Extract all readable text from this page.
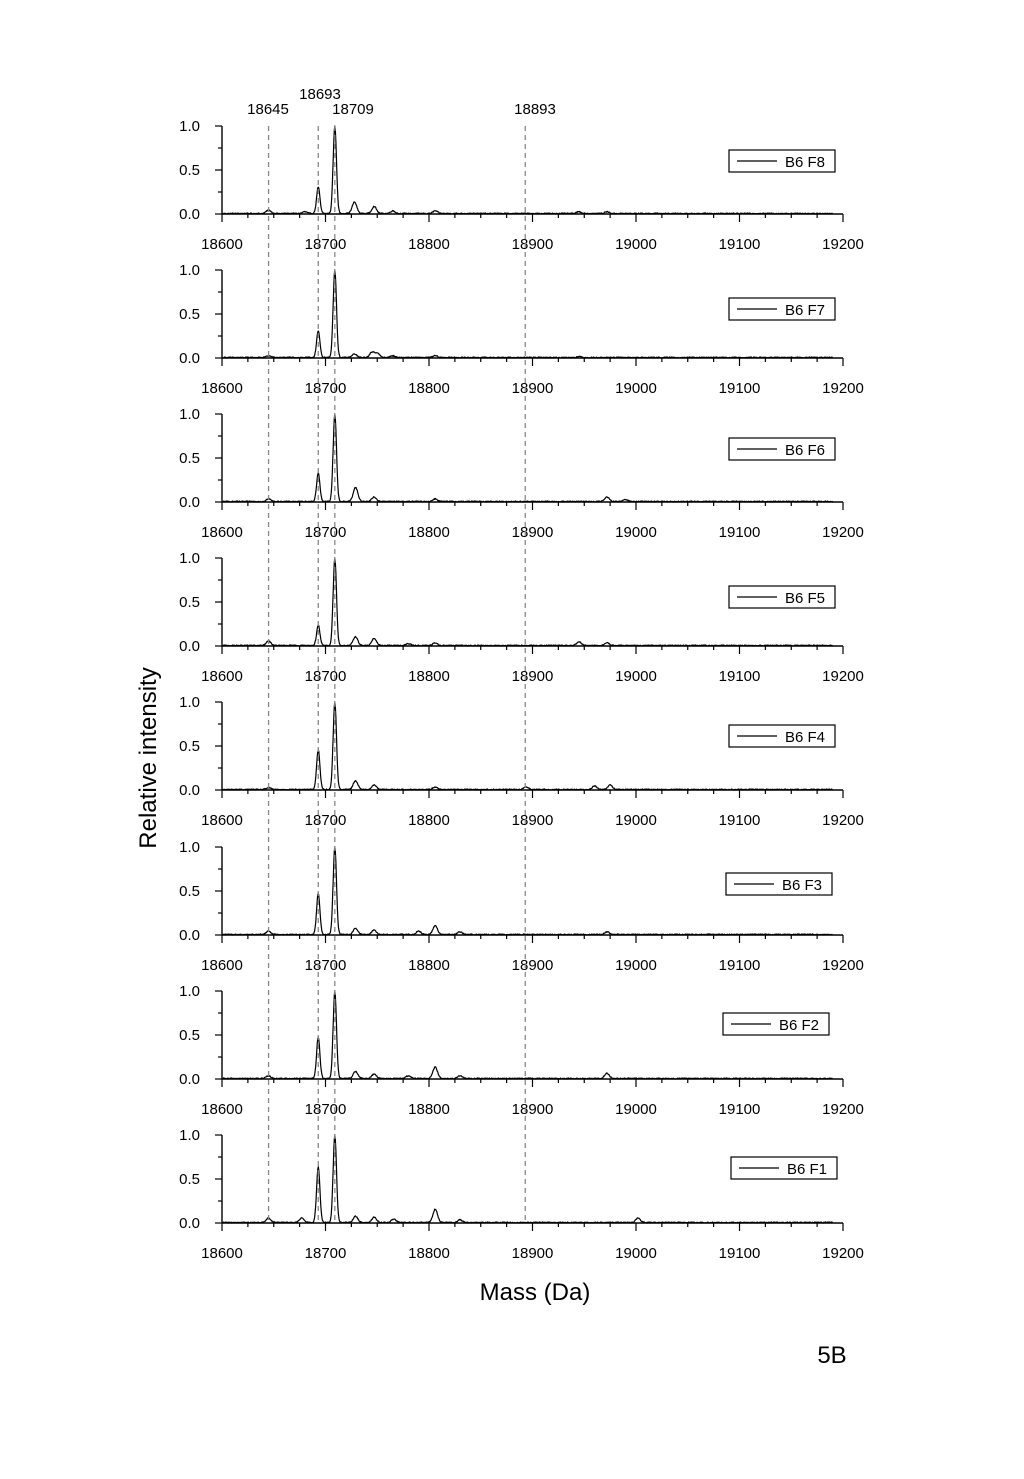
18600	18700	18800	18900	19000	19100	19200
0.0
0.5
1.0
B6 F8
18600	18700	18800	18900	19000	19100	19200
0.0
0.5
1.0
B6 F7
18600	18700	18800	18900	19000	19100	19200
0.0
0.5
1.0
B6 F6
18600	18700	18800	18900	19000	19100	19200
0.0
0.5
1.0
B6 F5
18600	18700	18800	18900	19000	19100	19200
0.0
0.5
1.0
B6 F4
18600	18700	18800	18900	19000	19100	19200
0.0
0.5
1.0
B6 F3
18600	18700	18800	18900	19000	19100	19200
0.0
0.5
1.0
B6 F2
18600	18700	18800	18900	19000	19100	19200
0.0
0.5
1.0
B6 F1
18645
18693
18709	18893
Mass (Da)
Relative intensity
5B
